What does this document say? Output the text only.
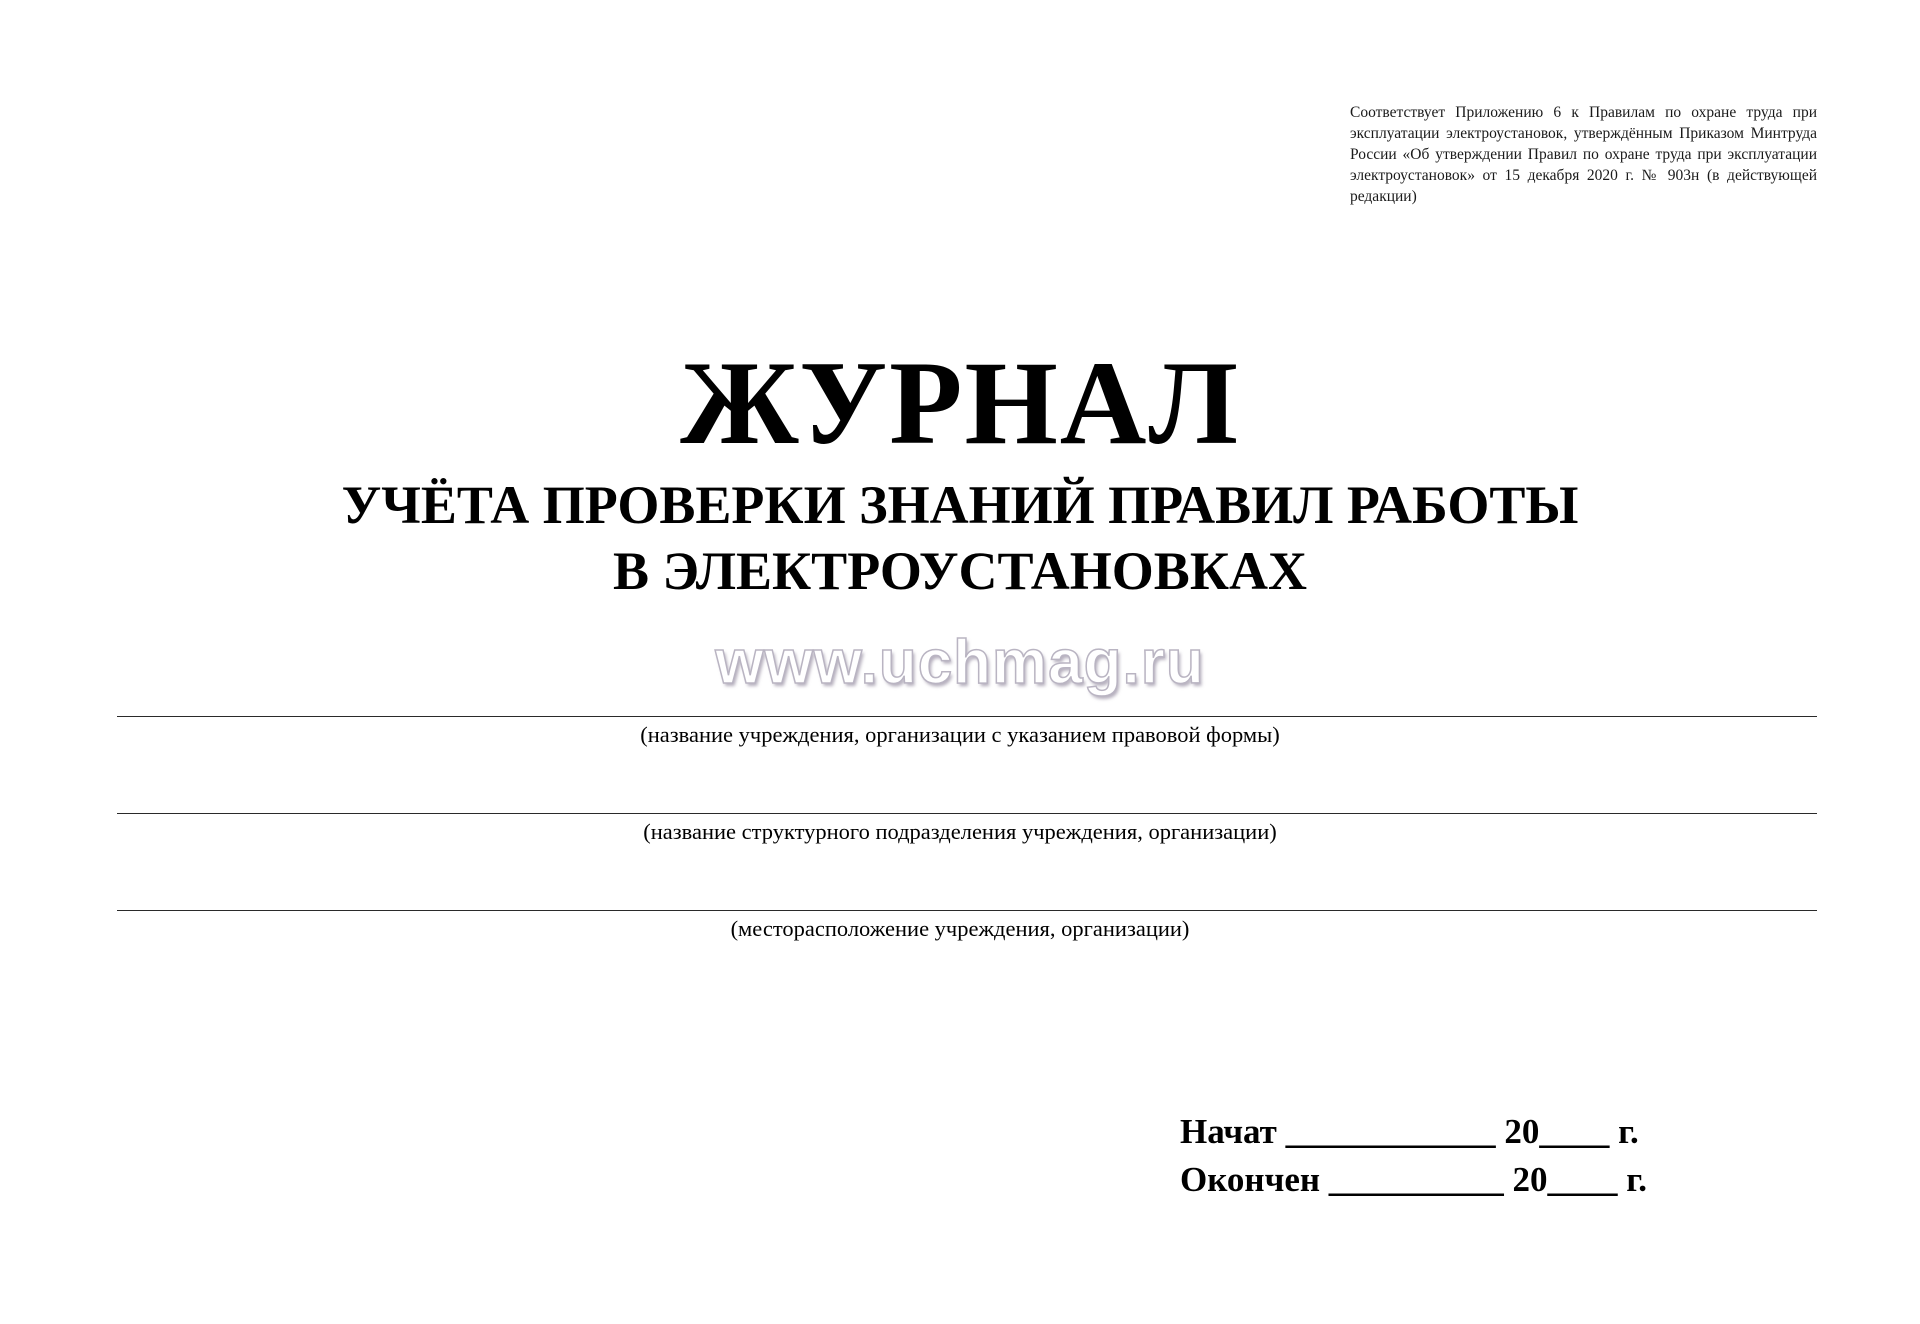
Соответствует Приложению 6 к Правилам по охране труда при эксплуатации электроустановок, утверждённым Приказом Минтруда России «Об утверждении Правил по охране труда при эксплуатации электроустановок» от 15 декабря 2020 г. № 903н (в действующей редакции)
ЖУРНАЛ
УЧЁТА ПРОВЕРКИ ЗНАНИЙ ПРАВИЛ РАБОТЫ
В ЭЛЕКТРОУСТАНОВКАХ
www.uchmag.ru
(название учреждения, организации с указанием правовой формы)
(название структурного подразделения учреждения, организации)
(месторасположение учреждения, организации)
Начат ____________ 20____ г.
Окончен __________ 20____ г.
